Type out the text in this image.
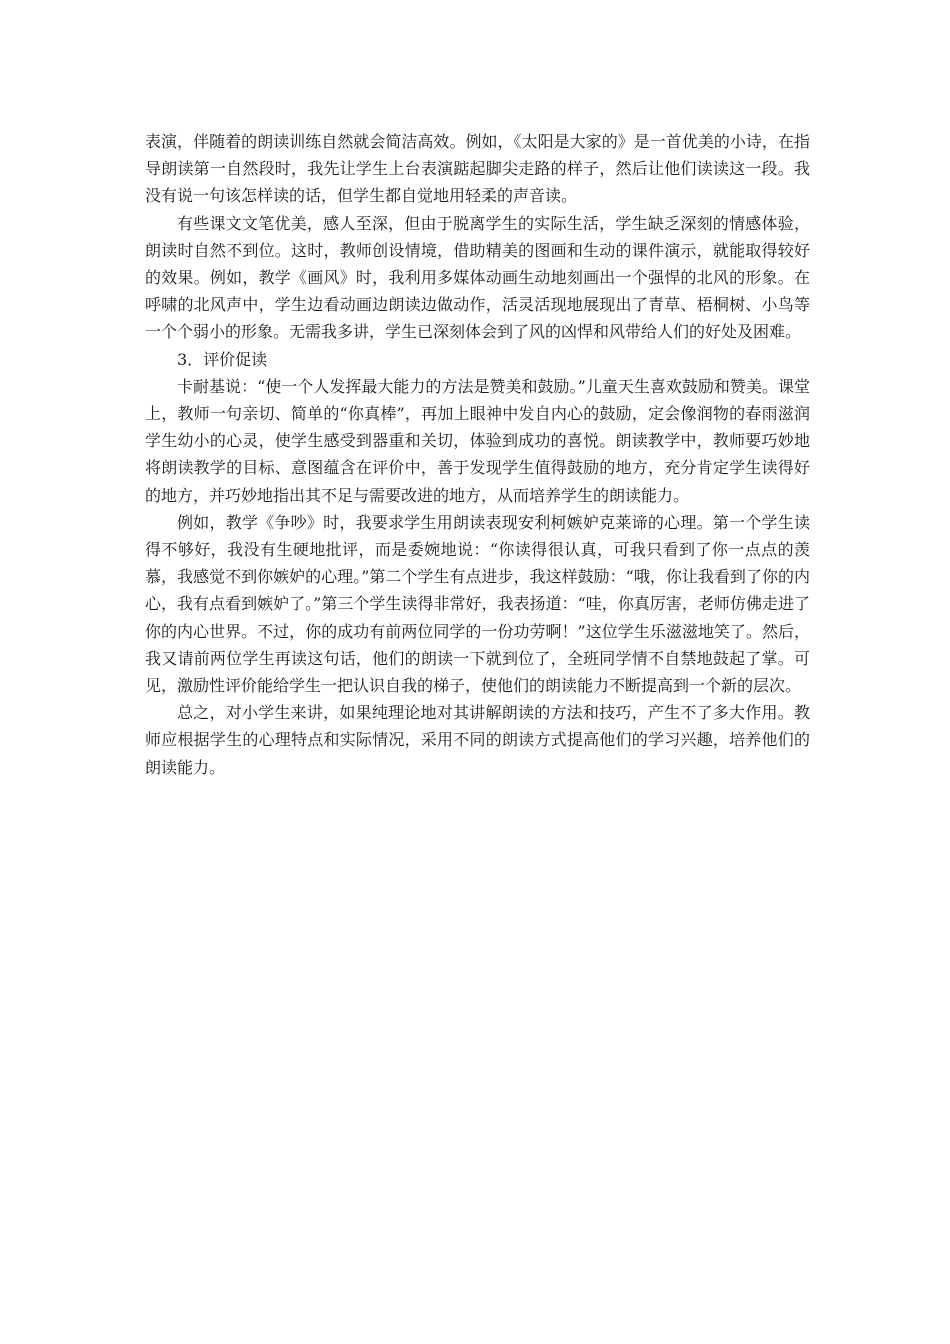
表演，伴随着的朗读训练自然就会简洁高效。例如，《太阳是大家的》是一首优美的小诗，在指导朗读第一自然段时，我先让学生上台表演踮起脚尖走路的样子，然后让他们读读这一段。我没有说一句该怎样读的话，但学生都自觉地用轻柔的声音读。

有些课文文笔优美，感人至深，但由于脱离学生的实际生活，学生缺乏深刻的情感体验，朗读时自然不到位。这时，教师创设情境，借助精美的图画和生动的课件演示，就能取得较好的效果。例如，教学《画风》时，我利用多媒体动画生动地刻画出一个强悍的北风的形象。在呼啸的北风声中，学生边看动画边朗读边做动作，活灵活现地展现出了青草、梧桐树、小鸟等一个个弱小的形象。无需我多讲，学生已深刻体会到了风的凶悍和风带给人们的好处及困难。

3．评价促读

卡耐基说：“使一个人发挥最大能力的方法是赞美和鼓励。”儿童天生喜欢鼓励和赞美。课堂上，教师一句亲切、简单的“你真棒”，再加上眼神中发自内心的鼓励，定会像润物的春雨滋润学生幼小的心灵，使学生感受到器重和关切，体验到成功的喜悦。朗读教学中，教师要巧妙地将朗读教学的目标、意图蕴含在评价中，善于发现学生值得鼓励的地方，充分肯定学生读得好的地方，并巧妙地指出其不足与需要改进的地方，从而培养学生的朗读能力。

例如，教学《争吵》时，我要求学生用朗读表现安利柯嫉妒克莱谛的心理。第一个学生读得不够好，我没有生硬地批评，而是委婉地说：“你读得很认真，可我只看到了你一点点的羡慕，我感觉不到你嫉妒的心理。”第二个学生有点进步，我这样鼓励：“哦，你让我看到了你的内心，我有点看到嫉妒了。”第三个学生读得非常好，我表扬道：“哇，你真厉害，老师仿佛走进了你的内心世界。不过，你的成功有前两位同学的一份功劳啊！”这位学生乐滋滋地笑了。然后，我又请前两位学生再读这句话，他们的朗读一下就到位了，全班同学情不自禁地鼓起了掌。可见，激励性评价能给学生一把认识自我的梯子，使他们的朗读能力不断提高到一个新的层次。

总之，对小学生来讲，如果纯理论地对其讲解朗读的方法和技巧，产生不了多大作用。教师应根据学生的心理特点和实际情况，采用不同的朗读方式提高他们的学习兴趣，培养他们的朗读能力。
